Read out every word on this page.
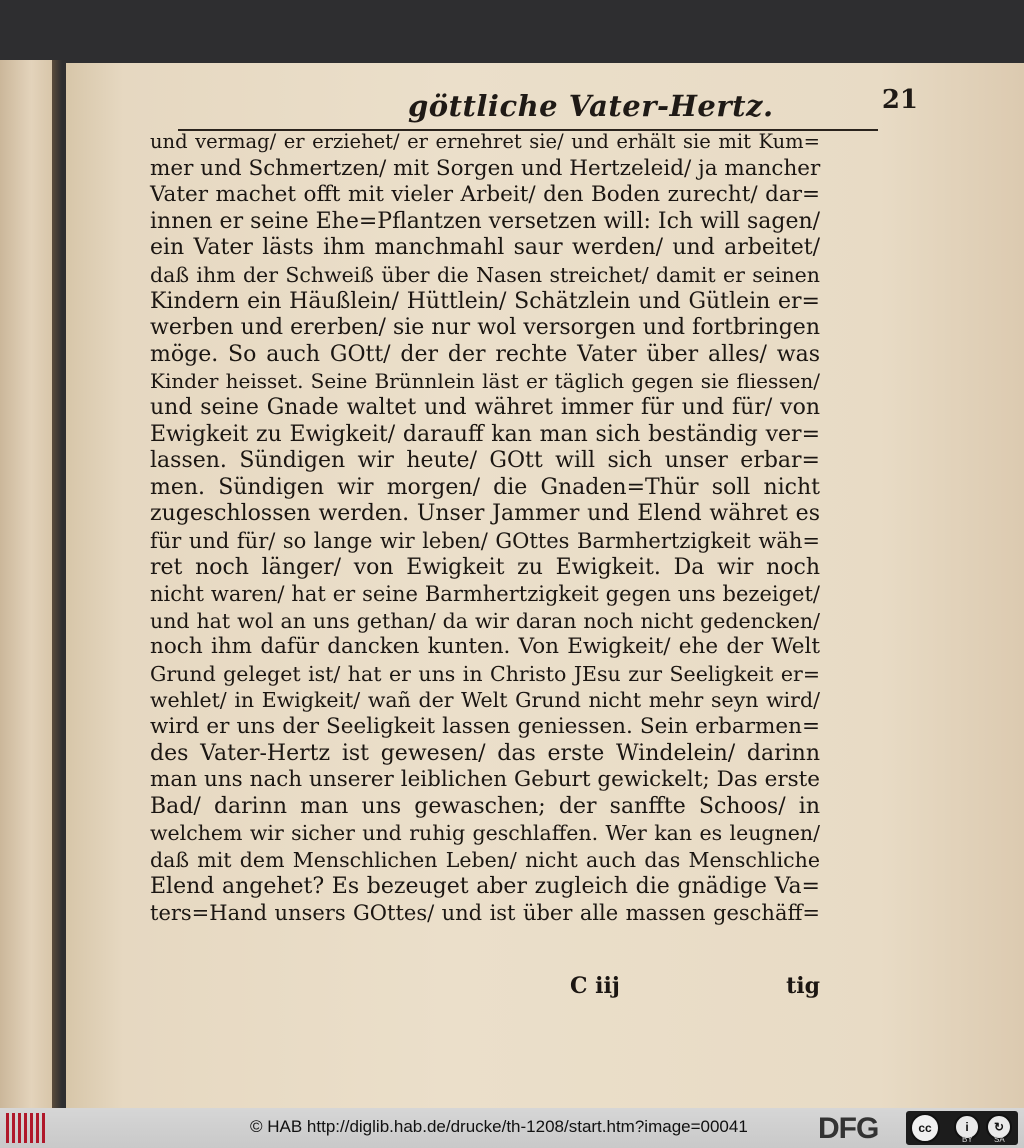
göttliche Vater-Hertz.	21
und vermag/ er erziehet/ er ernehret sie/ und erhält sie mit Kum=
mer und Schmertzen/ mit Sorgen und Hertzeleid/ ja mancher
Vater machet offt mit vieler Arbeit/ den Boden zurecht/ dar=
innen er seine Ehe=Pflantzen versetzen will: Ich will sagen/
ein Vater lästs ihm manchmahl saur werden/ und arbeitet/
daß ihm der Schweiß über die Nasen streichet/ damit er seinen
Kindern ein Häußlein/ Hüttlein/ Schätzlein und Gütlein er=
werben und ererben/ sie nur wol versorgen und fortbringen
möge. So auch GOtt/ der der rechte Vater über alles/ was
Kinder heisset. Seine Brünnlein läst er täglich gegen sie fliessen/
und seine Gnade waltet und währet immer für und für/ von
Ewigkeit zu Ewigkeit/ darauff kan man sich beständig ver=
lassen. Sündigen wir heute/ GOtt will sich unser erbar=
men. Sündigen wir morgen/ die Gnaden=Thür soll nicht
zugeschlossen werden. Unser Jammer und Elend währet es
für und für/ so lange wir leben/ GOttes Barmhertzigkeit wäh=
ret noch länger/ von Ewigkeit zu Ewigkeit. Da wir noch
nicht waren/ hat er seine Barmhertzigkeit gegen uns bezeiget/
und hat wol an uns gethan/ da wir daran noch nicht gedencken/
noch ihm dafür dancken kunten. Von Ewigkeit/ ehe der Welt
Grund geleget ist/ hat er uns in Christo JEsu zur Seeligkeit er=
wehlet/ in Ewigkeit/ wañ der Welt Grund nicht mehr seyn wird/
wird er uns der Seeligkeit lassen geniessen. Sein erbarmen=
des Vater-Hertz ist gewesen/ das erste Windelein/ darinn
man uns nach unserer leiblichen Geburt gewickelt; Das erste
Bad/ darinn man uns gewaschen; der sanffte Schoos/ in
welchem wir sicher und ruhig geschlaffen. Wer kan es leugnen/
daß mit dem Menschlichen Leben/ nicht auch das Menschliche
Elend angehet? Es bezeuget aber zugleich die gnädige Va=
ters=Hand unsers GOttes/ und ist über alle massen geschäff=
C iij	tig
© HAB http://diglib.hab.de/drucke/th-1208/start.htm?image=00041 DFG	cc	i	↻
BY	SA
